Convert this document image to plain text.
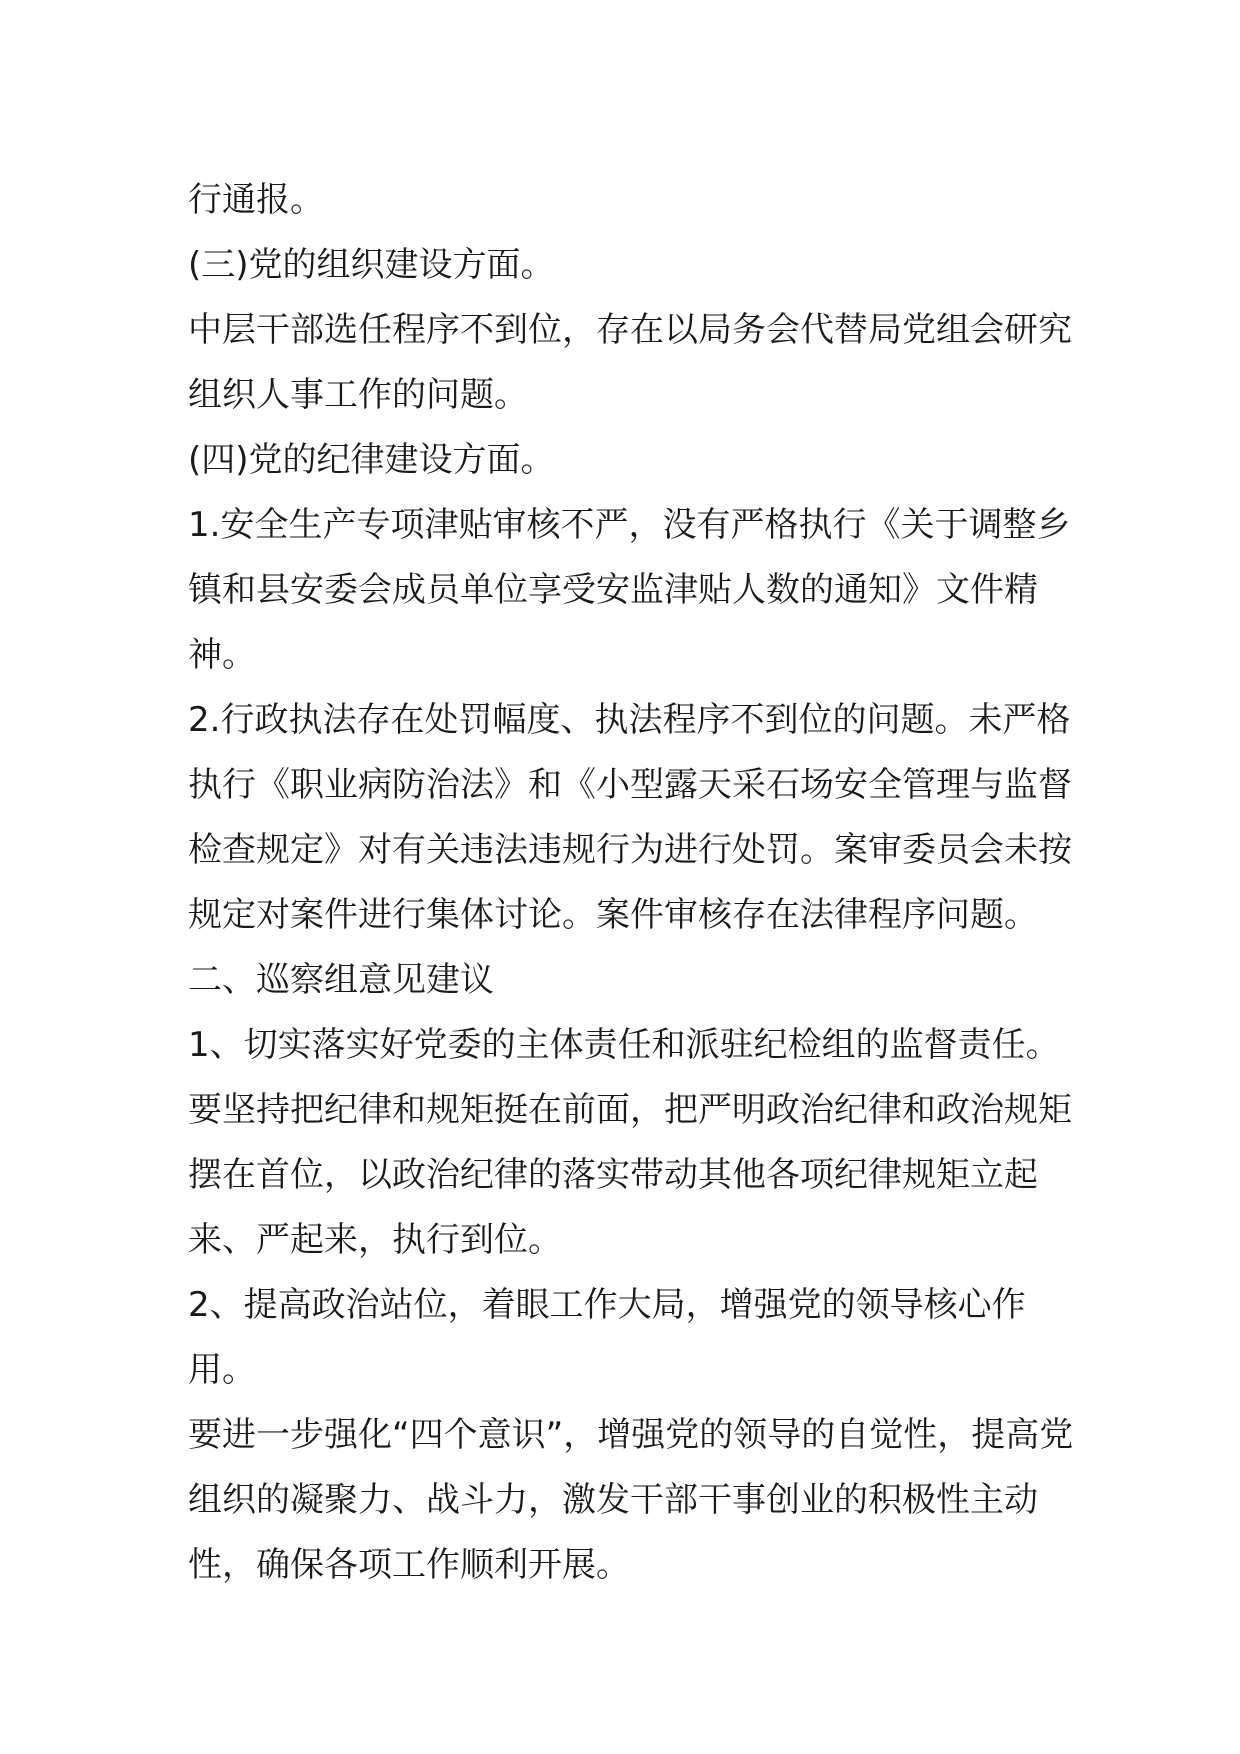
行通报。

(三)党的组织建设方面。

中层干部选任程序不到位，存在以局务会代替局党组会研究组织人事工作的问题。

(四)党的纪律建设方面。

1.安全生产专项津贴审核不严，没有严格执行《关于调整乡镇和县安委会成员单位享受安监津贴人数的通知》文件精神。

2.行政执法存在处罚幅度、执法程序不到位的问题。未严格执行《职业病防治法》和《小型露天采石场安全管理与监督检查规定》对有关违法违规行为进行处罚。案审委员会未按规定对案件进行集体讨论。案件审核存在法律程序问题。

二、巡察组意见建议

1、切实落实好党委的主体责任和派驻纪检组的监督责任。

要坚持把纪律和规矩挺在前面，把严明政治纪律和政治规矩摆在首位，以政治纪律的落实带动其他各项纪律规矩立起来、严起来，执行到位。

2、提高政治站位，着眼工作大局，增强党的领导核心作用。

要进一步强化“四个意识”，增强党的领导的自觉性，提高党组织的凝聚力、战斗力，激发干部干事创业的积极性主动性，确保各项工作顺利开展。
